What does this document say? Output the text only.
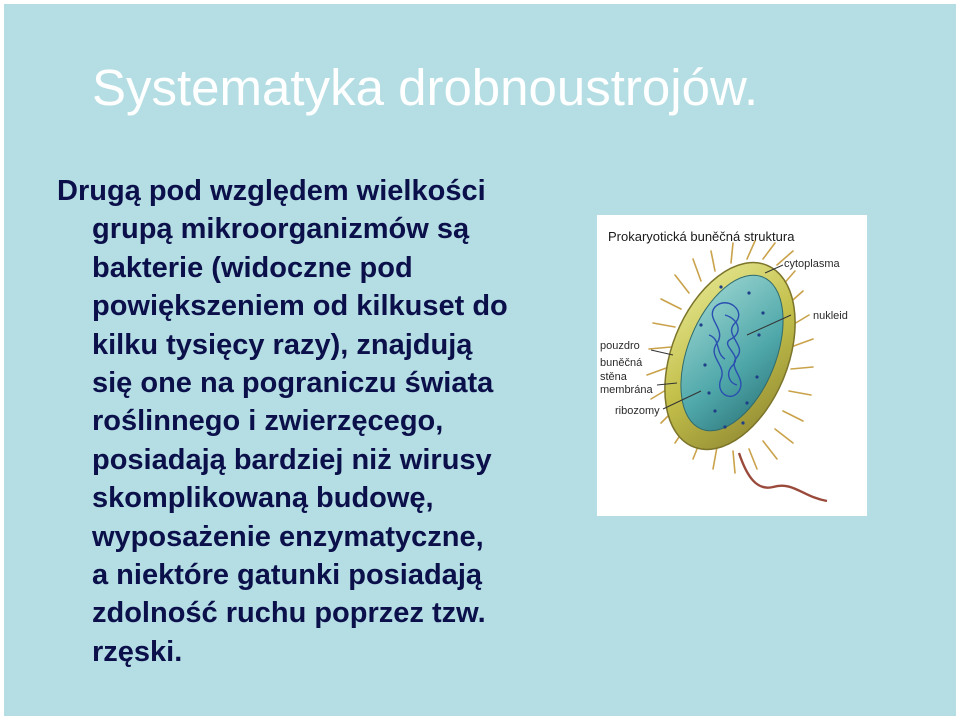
Systematyka drobnoustrojów.
Drugą pod względem wielkości
grupą mikroorganizmów są
bakterie (widoczne pod
powiększeniem od kilkuset do
kilku tysięcy razy), znajdują
się one na pograniczu świata
roślinnego i zwierzęcego,
posiadają bardziej niż wirusy
skomplikowaną budowę,
wyposażenie enzymatyczne,
a niektóre gatunki posiadają
zdolność ruchu poprzez tzw.
rzęski.
Prokaryotická buněčná struktura
cytoplasma
nukleid
pouzdro
buněčná
stěna
membrána
ribozomy
